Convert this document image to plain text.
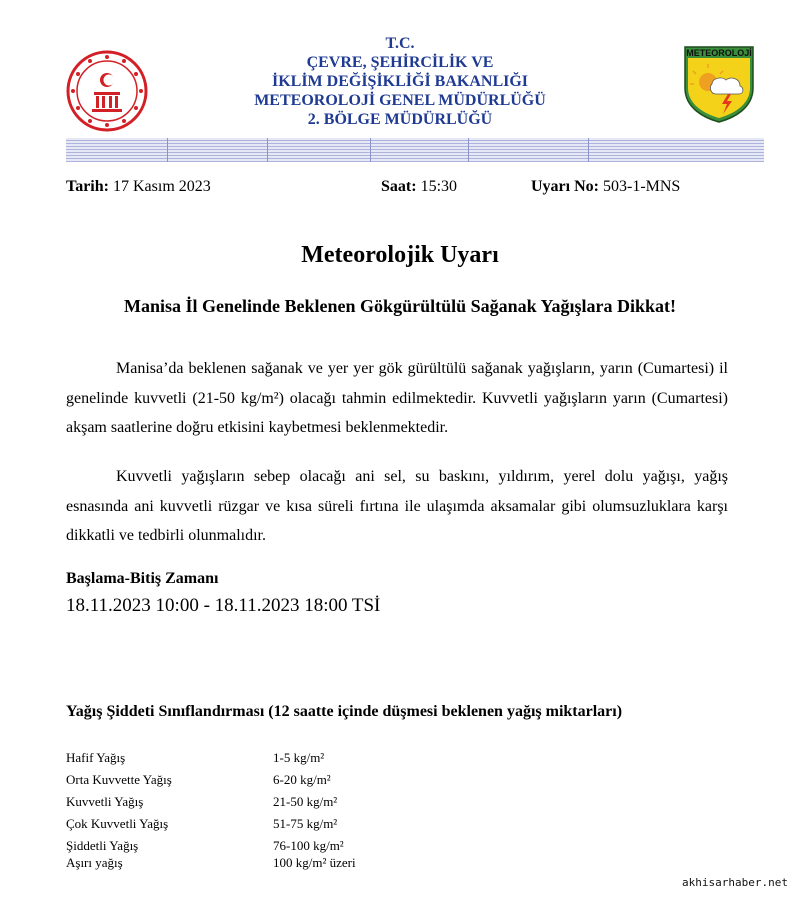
T.C.
ÇEVRE, ŞEHİRCİLİK VE
İKLİM DEĞİŞİKLİĞİ BAKANLIĞI
METEOROLOJİ GENEL MÜDÜRLÜĞÜ
2. BÖLGE MÜDÜRLÜĞÜ
METEOROLOJİ
Tarih: 17 Kasım 2023	Saat: 15:30	Uyarı No: 503-1-MNS
Meteorolojik Uyarı
Manisa İl Genelinde Beklenen Gökgürültülü Sağanak Yağışlara Dikkat!

Manisa’da beklenen sağanak ve yer yer gök gürültülü sağanak yağışların, yarın (Cumartesi) il genelinde kuvvetli (21-50 kg/m²) olacağı tahmin edilmektedir. Kuvvetli yağışların yarın (Cumartesi) akşam saatlerine doğru etkisini kaybetmesi beklenmektedir.

Kuvvetli yağışların sebep olacağı ani sel, su baskını, yıldırım, yerel dolu yağışı, yağış esnasında ani kuvvetli rüzgar ve kısa süreli fırtına ile ulaşımda aksamalar gibi olumsuzluklara karşı dikkatli ve tedbirli olunmalıdır.

Başlama-Bitiş Zamanı
18.11.2023 10:00 - 18.11.2023 18:00 TSİ
Yağış Şiddeti Sınıflandırması (12 saatte içinde düşmesi beklenen yağış miktarları)
Hafif Yağış	1-5 kg/m²
Orta Kuvvette Yağış	6-20 kg/m²
Kuvvetli Yağış	21-50 kg/m²
Çok Kuvvetli Yağış	51-75 kg/m²
Şiddetli Yağış	76-100 kg/m²
Aşırı yağış	100 kg/m² üzeri
akhisarhaber.net
